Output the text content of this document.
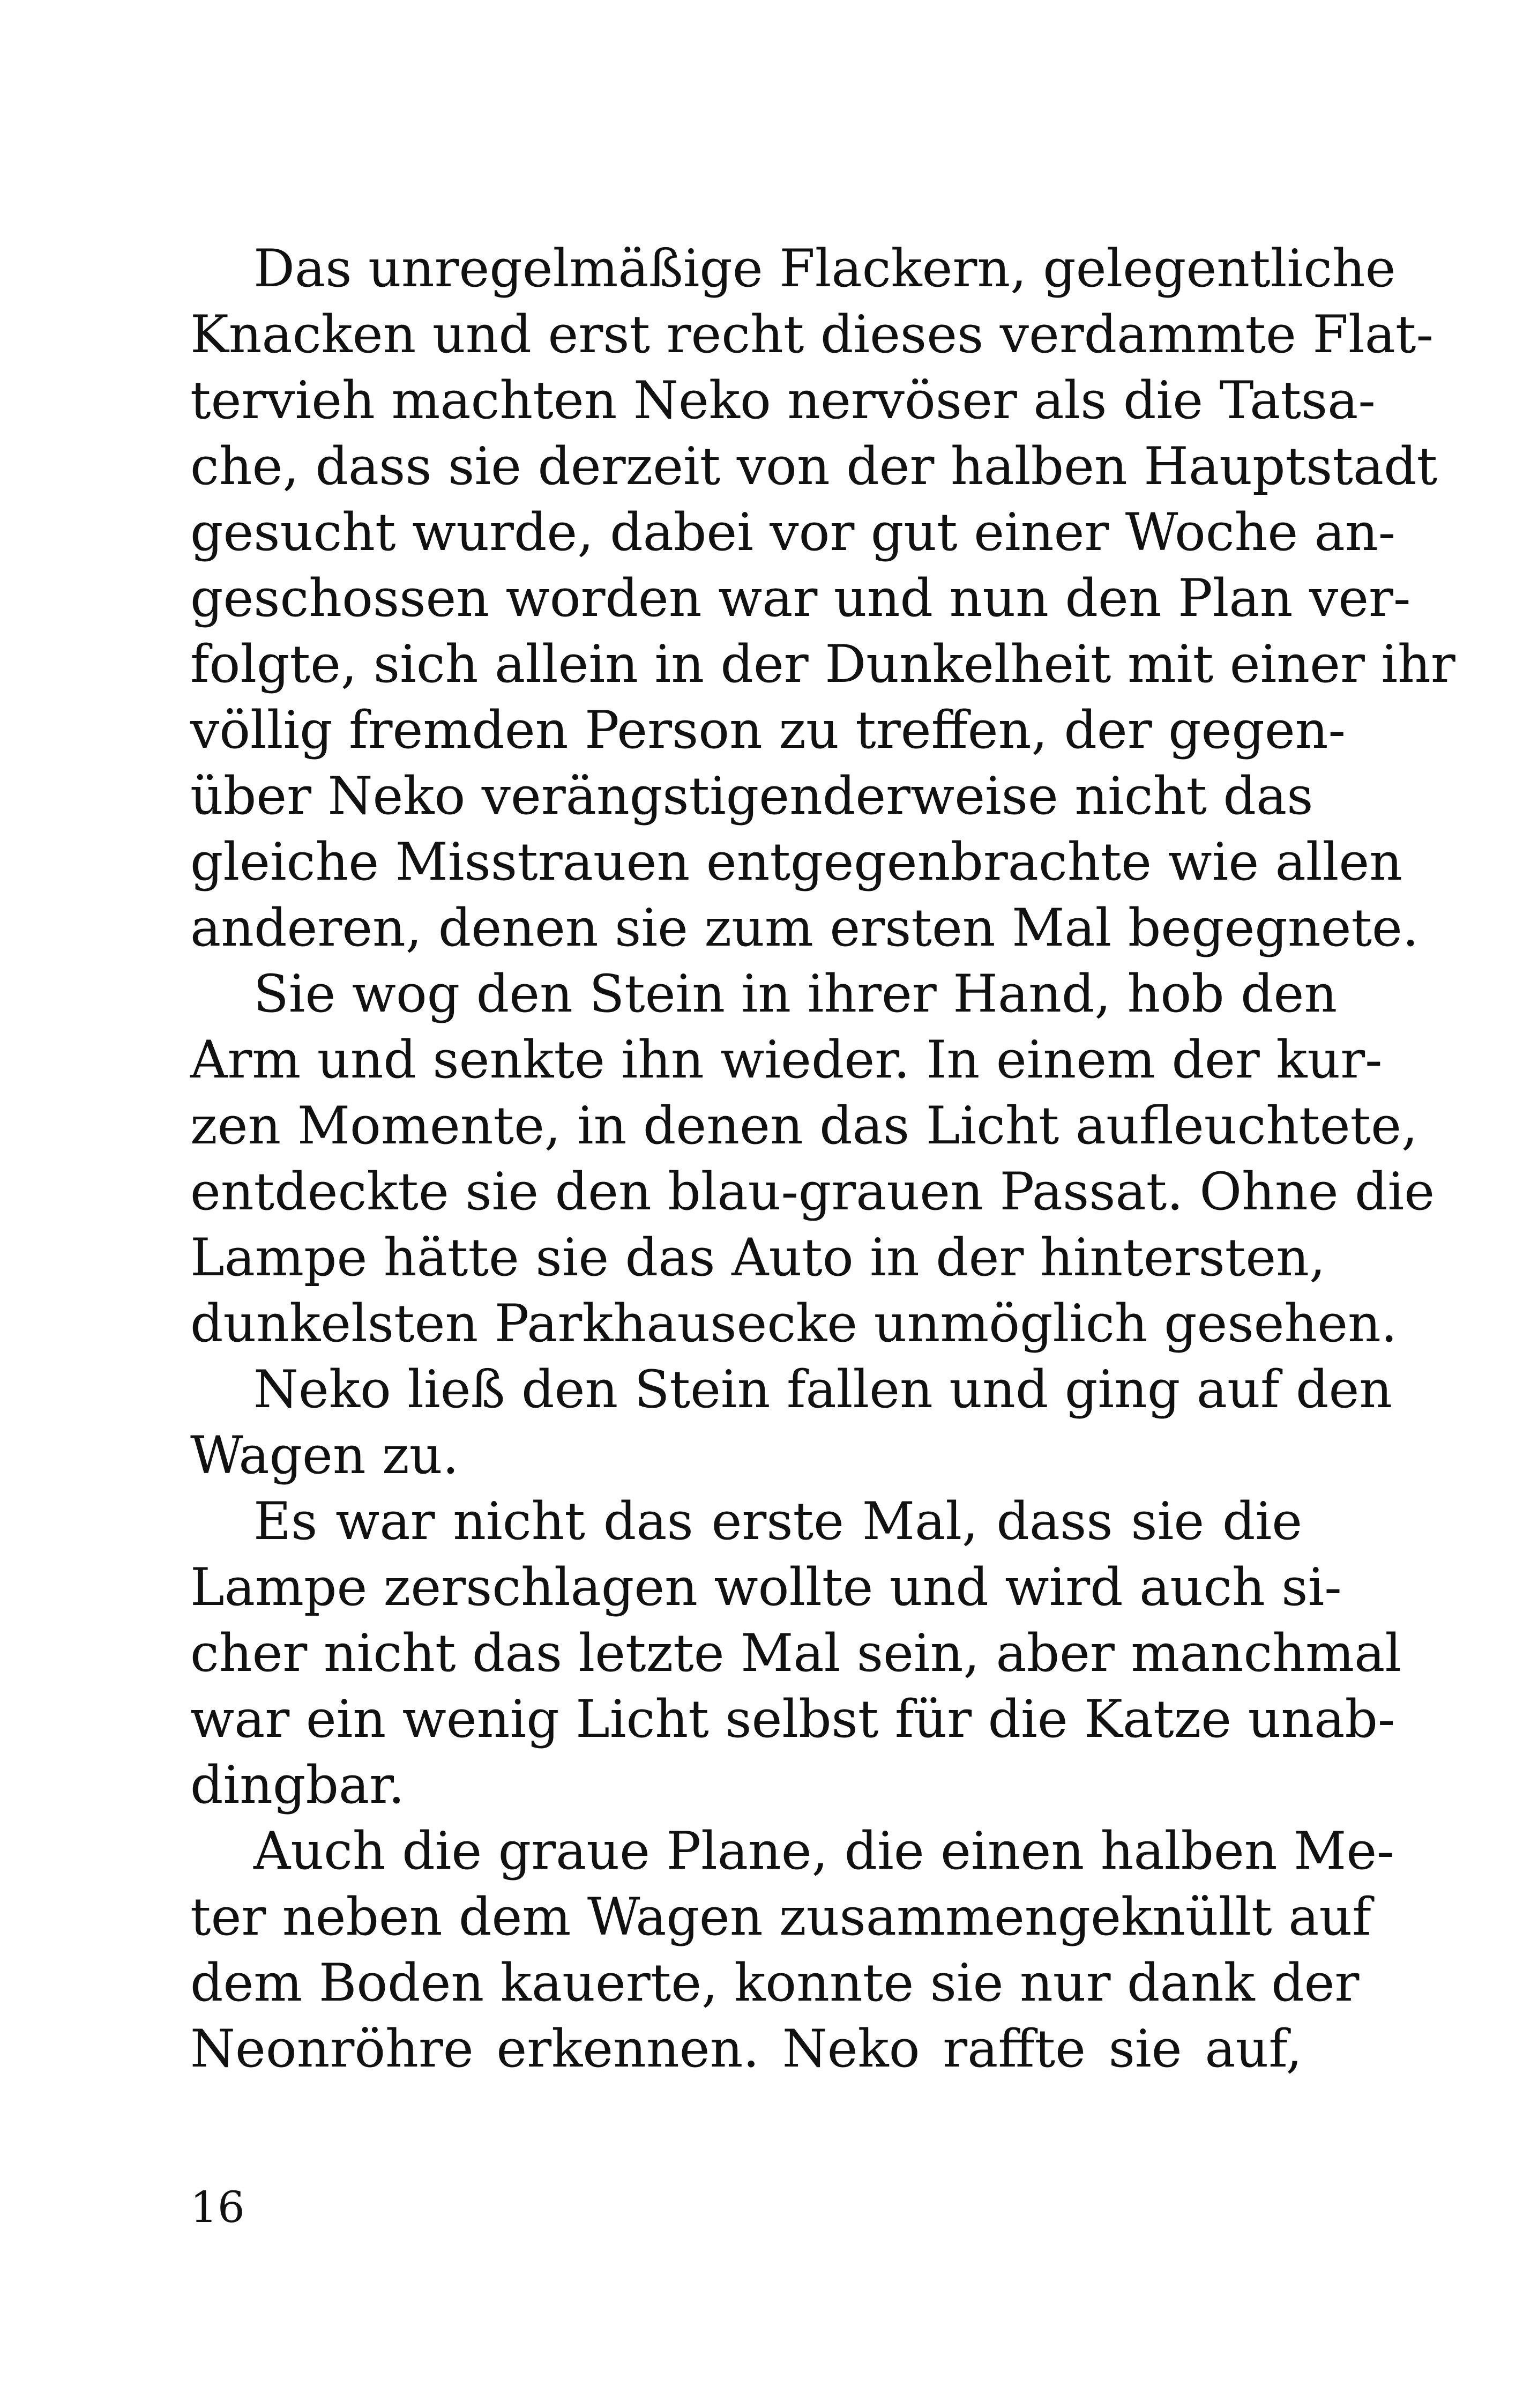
Das unregelmäßige Flackern, gelegentliche
Knacken und erst recht dieses verdammte Flat-
tervieh machten Neko nervöser als die Tatsa-
che, dass sie derzeit von der halben Hauptstadt
gesucht wurde, dabei vor gut einer Woche an-
geschossen worden war und nun den Plan ver-
folgte, sich allein in der Dunkelheit mit einer ihr
völlig fremden Person zu treffen, der gegen-
über Neko verängstigenderweise nicht das
gleiche Misstrauen entgegenbrachte wie allen
anderen, denen sie zum ersten Mal begegnete.
Sie wog den Stein in ihrer Hand, hob den
Arm und senkte ihn wieder. In einem der kur-
zen Momente, in denen das Licht aufleuchtete,
entdeckte sie den blau-grauen Passat. Ohne die
Lampe hätte sie das Auto in der hintersten,
dunkelsten Parkhausecke unmöglich gesehen.
Neko ließ den Stein fallen und ging auf den
Wagen zu.
Es war nicht das erste Mal, dass sie die
Lampe zerschlagen wollte und wird auch si-
cher nicht das letzte Mal sein, aber manchmal
war ein wenig Licht selbst für die Katze unab-
dingbar.
Auch die graue Plane, die einen halben Me-
ter neben dem Wagen zusammengeknüllt auf
dem Boden kauerte, konnte sie nur dank der
Neonröhre erkennen. Neko raffte sie auf,
16
